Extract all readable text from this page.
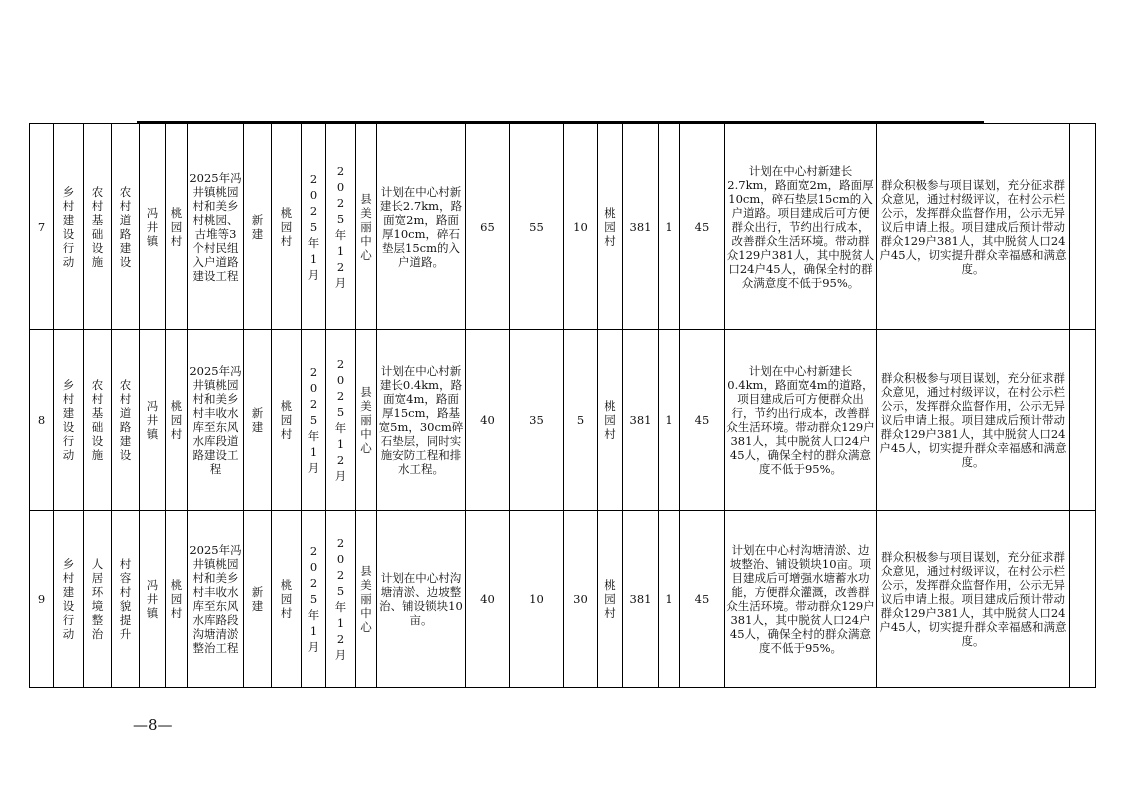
7	乡村建设行动	农村基础设施	农村道路建设	冯井镇	桃园村	2025年冯井镇桃园村和美乡村桃园、古堆等3个村民组入户道路建设工程	新建	桃园村	2025年1月	2025年12月	县美丽中心	计划在中心村新建长2.7km，路面宽2m，路面厚10cm，碎石垫层15cm的入户道路。	65	55	10	桃园村	381	1	45	计划在中心村新建长2.7km，路面宽2m，路面厚10cm，碎石垫层15cm的入户道路。项目建成后可方便群众出行，节约出行成本，改善群众生活环境。带动群众129户381人，其中脱贫人口24户45人，确保全村的群众满意度不低于95%。	群众积极参与项目谋划，充分征求群众意见，通过村级评议，在村公示栏公示，发挥群众监督作用，公示无异议后申请上报。项目建成后预计带动群众129户381人，其中脱贫人口24户45人，切实提升群众幸福感和满意度。	
8	乡村建设行动	农村基础设施	农村道路建设	冯井镇	桃园村	2025年冯井镇桃园村和美乡村丰收水库至东风水库段道路建设工程	新建	桃园村	2025年1月	2025年12月	县美丽中心	计划在中心村新建长0.4km，路面宽4m，路面厚15cm，路基宽5m，30cm碎石垫层，同时实施安防工程和排水工程。	40	35	5	桃园村	381	1	45	计划在中心村新建长0.4km，路面宽4m的道路，项目建成后可方便群众出行，节约出行成本，改善群众生活环境。带动群众129户381人，其中脱贫人口24户45人，确保全村的群众满意度不低于95%。	群众积极参与项目谋划，充分征求群众意见，通过村级评议，在村公示栏公示，发挥群众监督作用，公示无异议后申请上报。项目建成后预计带动群众129户381人，其中脱贫人口24户45人，切实提升群众幸福感和满意度。	
9	乡村建设行动	人居环境整治	村容村貌提升	冯井镇	桃园村	2025年冯井镇桃园村和美乡村丰收水库至东风水库路段沟塘清淤整治工程	新建	桃园村	2025年1月	2025年12月	县美丽中心	计划在中心村沟塘清淤、边坡整治、铺设锁块10亩。	40	10	30	桃园村	381	1	45	计划在中心村沟塘清淤、边坡整治、铺设锁块10亩。项目建成后可增强水塘蓄水功能，方便群众灌溉，改善群众生活环境。带动群众129户381人，其中脱贫人口24户45人，确保全村的群众满意度不低于95%。	群众积极参与项目谋划，充分征求群众意见，通过村级评议，在村公示栏公示，发挥群众监督作用，公示无异议后申请上报。项目建成后预计带动群众129户381人，其中脱贫人口24户45人，切实提升群众幸福感和满意度。	
—8—
